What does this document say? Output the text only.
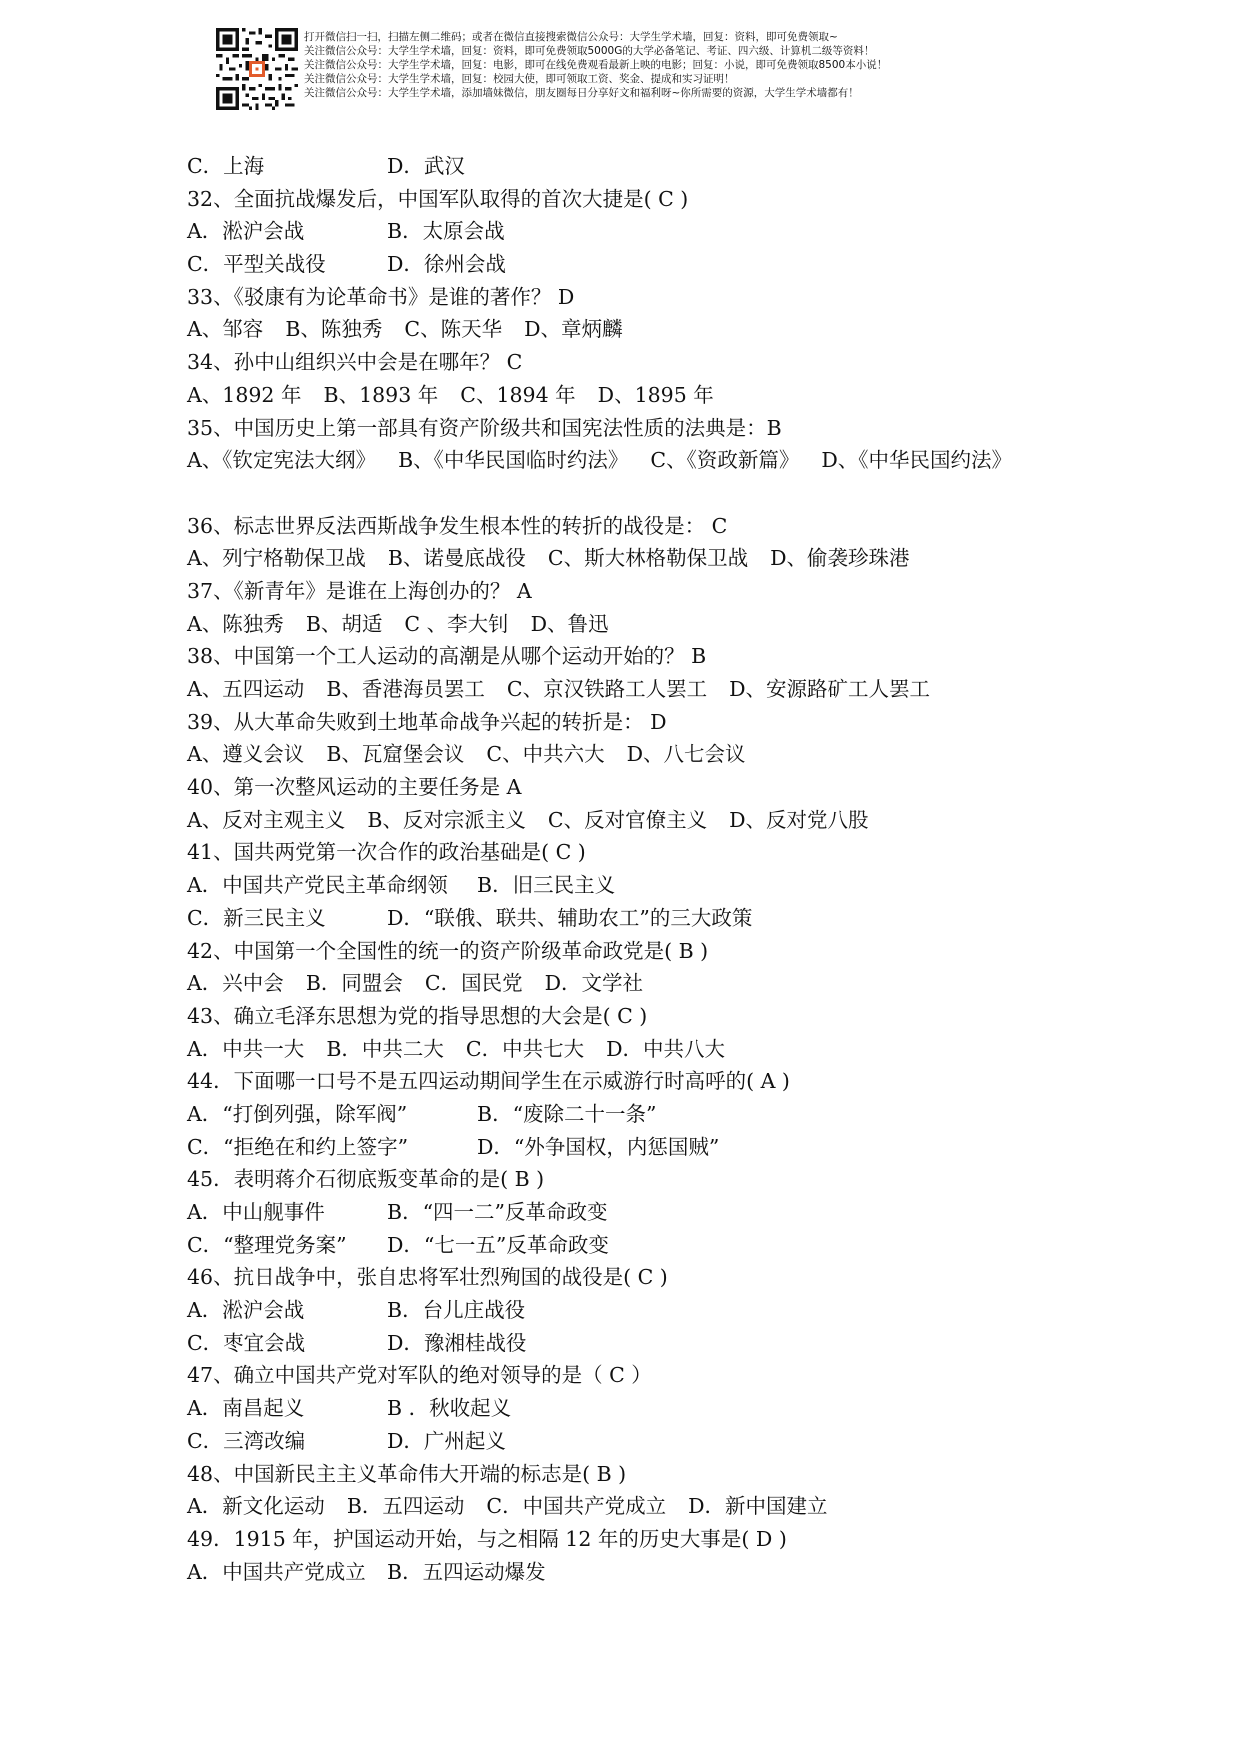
打开微信扫一扫，扫描左侧二维码；或者在微信直接搜索微信公众号：大学生学术墙，回复：资料，即可免费领取~
关注微信公众号：大学生学术墙，回复：资料，即可免费领取5000G的大学必备笔记、考证、四六级、计算机二级等资料！
关注微信公众号：大学生学术墙，回复：电影，即可在线免费观看最新上映的电影；回复：小说，即可免费领取8500本小说！
关注微信公众号：大学生学术墙，回复：校园大使，即可领取工资、奖金、提成和实习证明！
关注微信公众号：大学生学术墙，添加墙妹微信，朋友圈每日分享好文和福利呀~你所需要的资源，大学生学术墙都有！
C．上海	D．武汉
32、全面抗战爆发后，中国军队取得的首次大捷是( C )
A．淞沪会战	B．太原会战
C．平型关战役	D．徐州会战
33、《驳康有为论革命书》是谁的著作？ D
A、邹容 B、陈独秀 C、陈天华 D、章炳麟
34、孙中山组织兴中会是在哪年？ C
A、1892 年 B、1893 年 C、1894 年 D、1895 年
35、中国历史上第一部具有资产阶级共和国宪法性质的法典是：B
A、《钦定宪法大纲》 B、《中华民国临时约法》 C、《资政新篇》 D、《中华民国约法》
36、标志世界反法西斯战争发生根本性的转折的战役是： C
A、列宁格勒保卫战 B、诺曼底战役 C、斯大林格勒保卫战 D、偷袭珍珠港
37、《新青年》是谁在上海创办的？ A
A、陈独秀 B、胡适 C 、李大钊 D、鲁迅
38、中国第一个工人运动的高潮是从哪个运动开始的？ B
A、五四运动 B、香港海员罢工 C、京汉铁路工人罢工 D、安源路矿工人罢工
39、从大革命失败到土地革命战争兴起的转折是： D
A、遵义会议 B、瓦窟堡会议 C、中共六大 D、八七会议
40、第一次整风运动的主要任务是 A
A、反对主观主义 B、反对宗派主义 C、反对官僚主义 D、反对党八股
41、国共两党第一次合作的政治基础是( C )
A．中国共产党民主革命纲领 B．旧三民主义
C．新三民主义	D．“联俄、联共、辅助农工”的三大政策
42、中国第一个全国性的统一的资产阶级革命政党是( B )
A．兴中会 B．同盟会 C．国民党 D．文学社
43、确立毛泽东思想为党的指导思想的大会是( C )
A．中共一大 B．中共二大 C．中共七大 D．中共八大
44．下面哪一口号不是五四运动期间学生在示威游行时高呼的( A )
A．“打倒列强，除军阀”	B．“废除二十一条”
C．“拒绝在和约上签字”	D．“外争国权，内惩国贼”
45．表明蒋介石彻底叛变革命的是( B )
A．中山舰事件	B．“四一二”反革命政变
C．“整理党务案” D．“七一五”反革命政变
46、抗日战争中，张自忠将军壮烈殉国的战役是( C )
A．淞沪会战	B．台儿庄战役
C．枣宜会战	D．豫湘桂战役
47、确立中国共产党对军队的绝对领导的是（ C ）
A．南昌起义	B ．秋收起义
C．三湾改编	D．广州起义
48、中国新民主主义革命伟大开端的标志是( B )
A．新文化运动 B．五四运动 C．中国共产党成立 D．新中国建立
49．1915 年，护国运动开始，与之相隔 12 年的历史大事是( D )
A．中国共产党成立 B．五四运动爆发
